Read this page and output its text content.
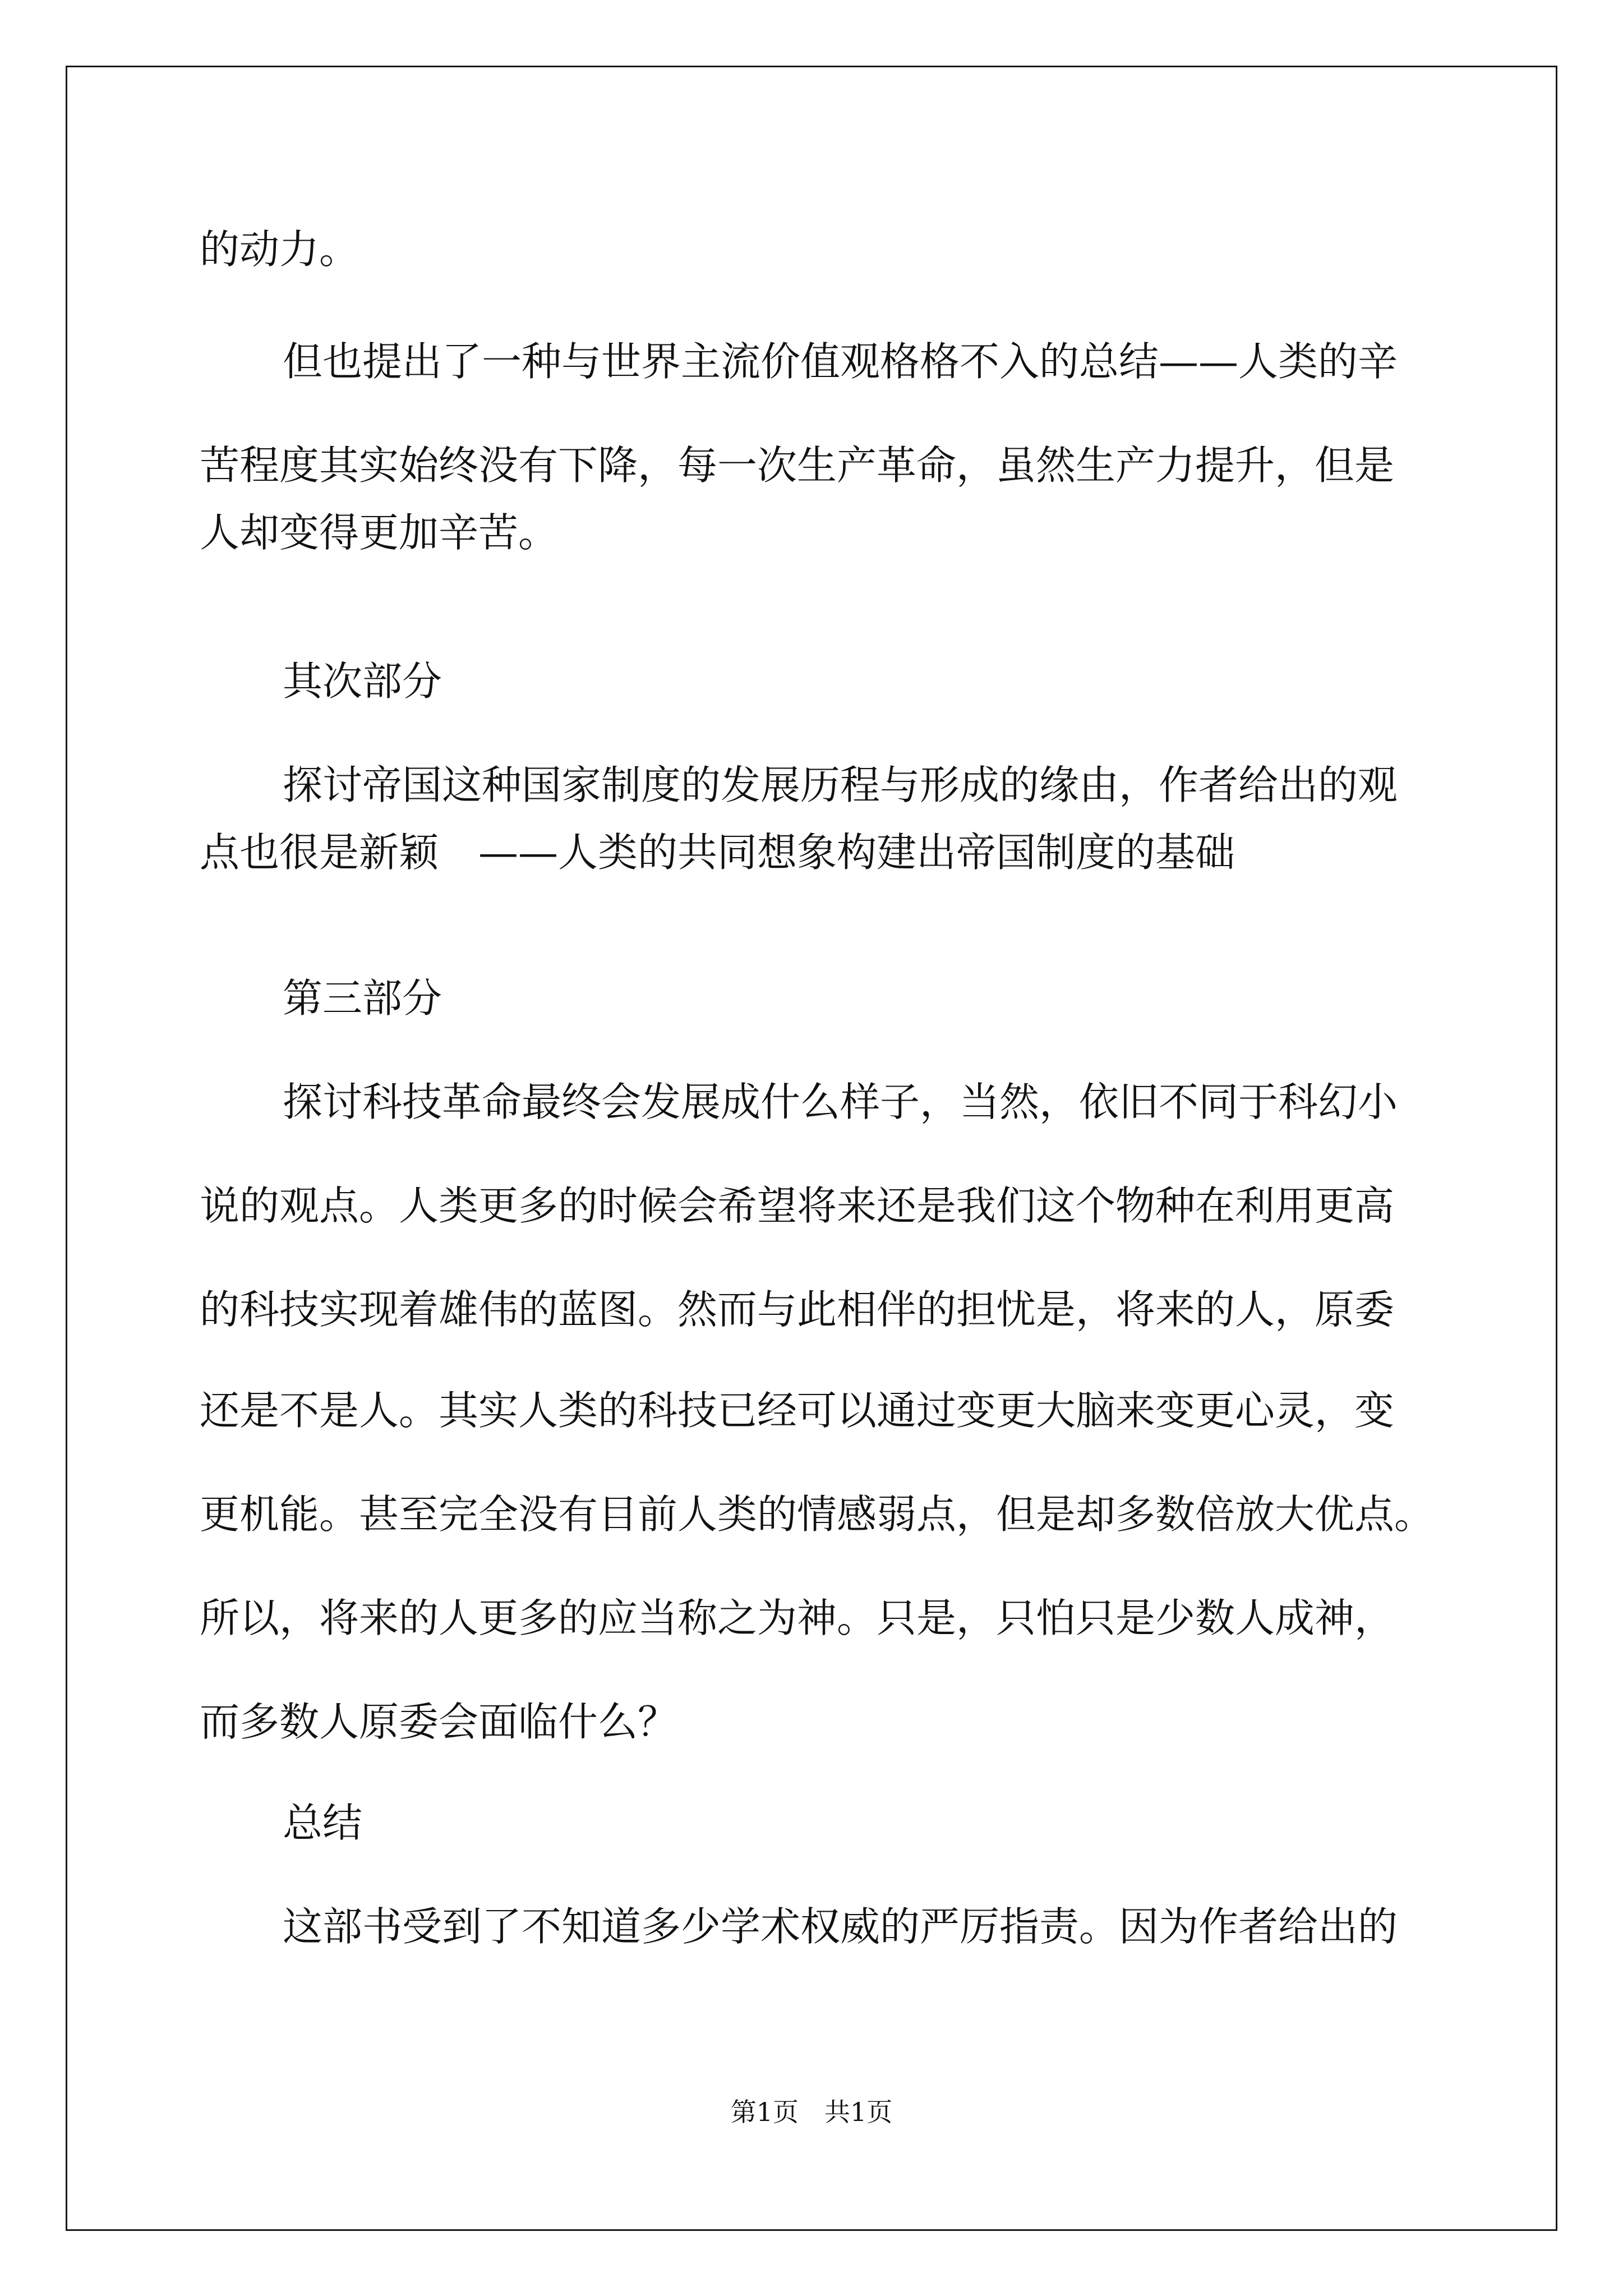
的动力。
但也提出了一种与世界主流价值观格格不入的总结——人类的辛
苦程度其实始终没有下降，每一次生产革命，虽然生产力提升，但是
人却变得更加辛苦。
其次部分
探讨帝国这种国家制度的发展历程与形成的缘由，作者给出的观
点也很是新颖　——人类的共同想象构建出帝国制度的基础
第三部分
探讨科技革命最终会发展成什么样子，当然，依旧不同于科幻小
说的观点。人类更多的时候会希望将来还是我们这个物种在利用更高
的科技实现着雄伟的蓝图。然而与此相伴的担忧是，将来的人，原委
还是不是人。其实人类的科技已经可以通过变更大脑来变更心灵，变
更机能。甚至完全没有目前人类的情感弱点，但是却多数倍放大优点。
所以，将来的人更多的应当称之为神。只是，只怕只是少数人成神，
而多数人原委会面临什么？
总结
这部书受到了不知道多少学术权威的严厉指责。因为作者给出的
第1页　共1页
